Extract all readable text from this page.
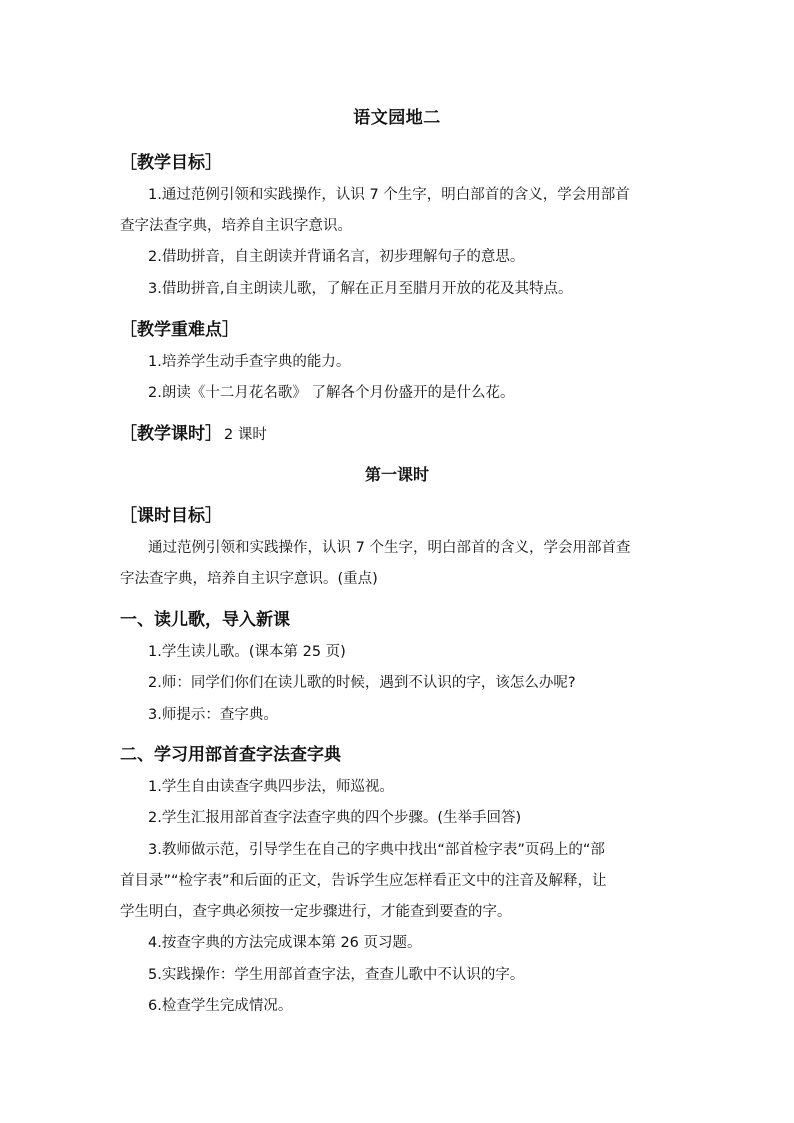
语文园地二
［教学目标］
1.通过范例引领和实践操作，认识 7 个生字，明白部首的含义，学会用部首
查字法查字典，培养自主识字意识。
2.借助拼音，自主朗读并背诵名言，初步理解句子的意思。
3.借助拼音,自主朗读儿歌，了解在正月至腊月开放的花及其特点。
［教学重难点］
1.培养学生动手查字典的能力。
2.朗读《十二月花名歌》 了解各个月份盛开的是什么花。
［教学课时］ 2 课时
第一课时
［课时目标］
通过范例引领和实践操作，认识 7 个生字，明白部首的含义，学会用部首查
字法查字典，培养自主识字意识。(重点)
一、读儿歌，导入新课
1.学生读儿歌。(课本第 25 页)
2.师：同学们你们在读儿歌的时候，遇到不认识的字，该怎么办呢?
3.师提示：查字典。
二、学习用部首查字法查字典
1.学生自由读查字典四步法，师巡视。
2.学生汇报用部首查字法查字典的四个步骤。(生举手回答)
3.教师做示范，引导学生在自己的字典中找出“部首检字表”页码上的“部
首目录”“检字表”和后面的正文，告诉学生应怎样看正文中的注音及解释，让
学生明白，查字典必须按一定步骤进行，才能查到要查的字。
4.按查字典的方法完成课本第 26 页习题。
5.实践操作：学生用部首查字法，查查儿歌中不认识的字。
6.检查学生完成情况。
